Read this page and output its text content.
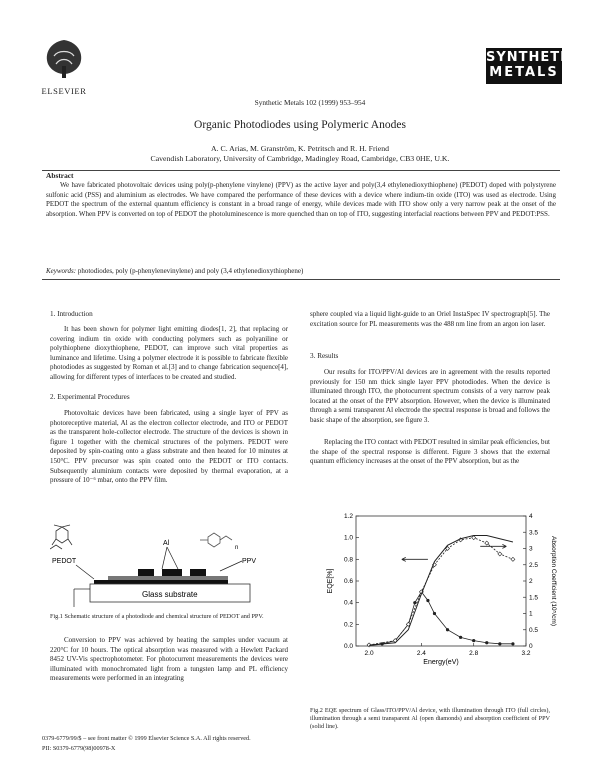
ELSEVIER
SYNTHETIC
METALS
Synthetic Metals 102 (1999) 953–954
Organic Photodiodes using Polymeric Anodes
A. C. Arias, M. Granström, K. Petritsch and R. H. Friend
Cavendish Laboratory, University of Cambridge, Madingley Road, Cambridge, CB3 0HE, U.K.
Abstract
We have fabricated photovoltaic devices using poly(p-phenylene vinylene) (PPV) as the active layer and poly(3,4 ethylenedioxythiophene) (PEDOT) doped with polystyrene sulfonic acid (PSS) and aluminium as electrodes. We have compared the performance of these devices with a device where indium-tin oxide (ITO) was used as electrode. Using PEDOT the spectrum of the external quantum efficiency is constant in a broad range of energy, while devices made with ITO show only a very narrow peak at the onset of the absorption. When PPV is converted on top of PEDOT the photoluminescence is more quenched than on top of ITO, suggesting interfacial reactions between PPV and PEDOT:PSS.
Keywords: photodiodes, poly (p-phenylenevinylene) and poly (3,4 ethylenedioxythiophene)
1. Introduction
It has been shown for polymer light emitting diodes[1, 2], that replacing or covering indium tin oxide with conducting polymers such as polyaniline or polythiophene dioxythiophene, PEDOT, can improve such vital properties as luminance and lifetime. Using a polymer electrode it is possible to fabricate flexible photodiodes as suggested by Roman et al.[3] and to change fabrication sequence[4], allowing for different types of interfaces to be created and studied.
2. Experimental Procedures
Photovoltaic devices have been fabricated, using a single layer of PPV as photoreceptive material, Al as the electron collector electrode, and ITO or PEDOT as the transparent hole-collector electrode. The structure of the devices is shown in figure 1 together with the chemical structures of the polymers. PEDOT were deposited by spin-coating onto a glass substrate and then heated for 10 minutes at 150°C. PPV precursor was spin coated onto the PEDOT or ITO contacts. Subsequently aluminium contacts were deposited by thermal evaporation, at a pressure of 10⁻⁶ mbar, onto the PPV film.
n
Al
PPV
PEDOT
Glass substrate
Fig.1 Schematic structure of a photodiode and chemical structure of PEDOT and PPV.
Conversion to PPV was achieved by heating the samples under vacuum at 220°C for 10 hours. The optical absorption was measured with a Hewlett Packard 8452 UV-Vis spectrophotometer. For photocurrent measurements the devices were illuminated with monochromated light from a tungsten lamp and PL efficiency measurements were performed in an integrating
sphere coupled via a liquid light-guide to an Oriel InstaSpec IV spectrograph[5]. The excitation source for PL measurements was the 488 nm line from an argon ion laser.
3. Results
Our results for ITO/PPV/Al devices are in agreement with the results reported previously for 150 nm thick single layer PPV photodiodes. When the device is illuminated through ITO, the photocurrent spectrum consists of a very narrow peak located at the onset of the PPV absorption. However, when the device is illuminated through a semi transparent Al electrode the spectral response is broad and follows the basic shape of the absorption, see figure 3.
Replacing the ITO contact with PEDOT resulted in similar peak efficiencies, but the shape of the spectral response is different. Figure 3 shows that the external quantum efficiency increases at the onset of the PPV absorption, but as the
2.0	2.4	2.8	3.2
0.0
0.2
0.4
0.6
0.8
1.0
1.2
0
0.5
1
1.5
2
2.5
3
3.5
4
Energy(eV)
EQE[%]	Absorption Coefficient (10⁵/cm)
Fig.2 EQE spectrum of Glass/ITO/PPV/Al device, with illumination through ITO (full circles), illumination through a semi transparent Al (open diamonds) and absorption coefficient of PPV (solid line).
0379-6779/99/$ – see front matter © 1999 Elsevier Science S.A. All rights reserved.
PII: S0379-6779(98)00978-X
